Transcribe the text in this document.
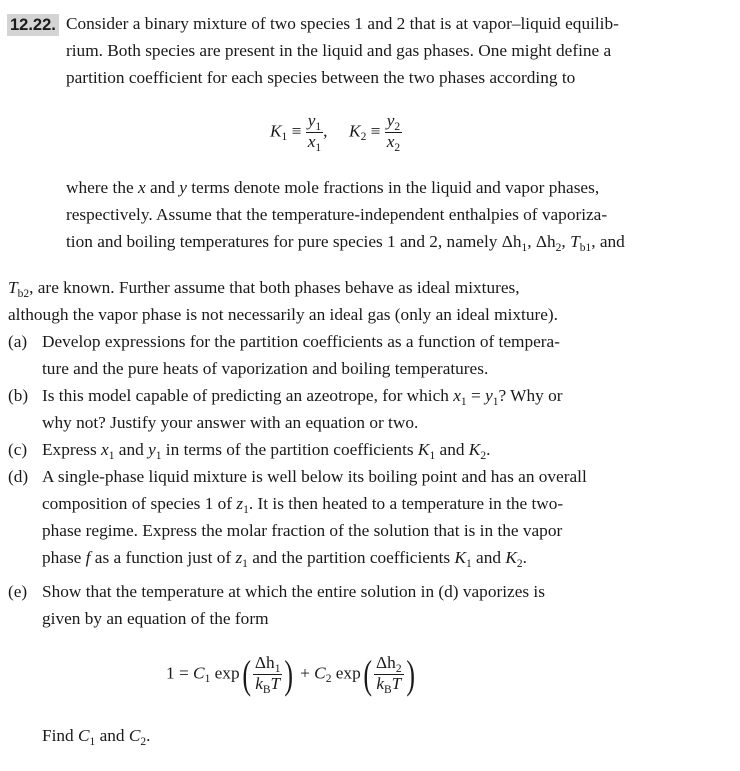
12.22. Consider a binary mixture of two species 1 and 2 that is at vapor–liquid equilib-
rium. Both species are present in the liquid and gas phases. One might define a
partition coefficient for each species between the two phases according to
$K_1 \equiv \frac{y_1}{x_1}$ , $K_2 \equiv \frac{y_2}{x_2}$
where the x and y terms denote mole fractions in the liquid and vapor phases,
respectively. Assume that the temperature-independent enthalpies of vaporiza-
tion and boiling temperatures for pure species 1 and 2, namely $\Delta h_1$, $\Delta h_2$, $T_{b1}$, and
$T_{b2}$, are known. Further assume that both phases behave as ideal mixtures,
although the vapor phase is not necessarily an ideal gas (only an ideal mixture).
(a) Develop expressions for the partition coefficients as a function of tempera-
ture and the pure heats of vaporization and boiling temperatures.
(b) Is this model capable of predicting an azeotrope, for which $x_1 = y_1$? Why or
why not? Justify your answer with an equation or two.
(c) Express $x_1$ and $y_1$ in terms of the partition coefficients $K_1$ and $K_2$.
(d) A single-phase liquid mixture is well below its boiling point and has an overall
composition of species 1 of $z_1$. It is then heated to a temperature in the two-
phase regime. Express the molar fraction of the solution that is in the vapor
phase f as a function just of $z_1$ and the partition coefficients $K_1$ and $K_2$.
(e) Show that the temperature at which the entire solution in (d) vaporizes is
given by an equation of the form
$1 = C_1$ $\exp( \frac{\Delta h_1}{k_BT}$ ) + $C_2$ $\exp( \frac{\Delta h_2}{k_BT}$ )
Find $C_1$ and $C_2$.
